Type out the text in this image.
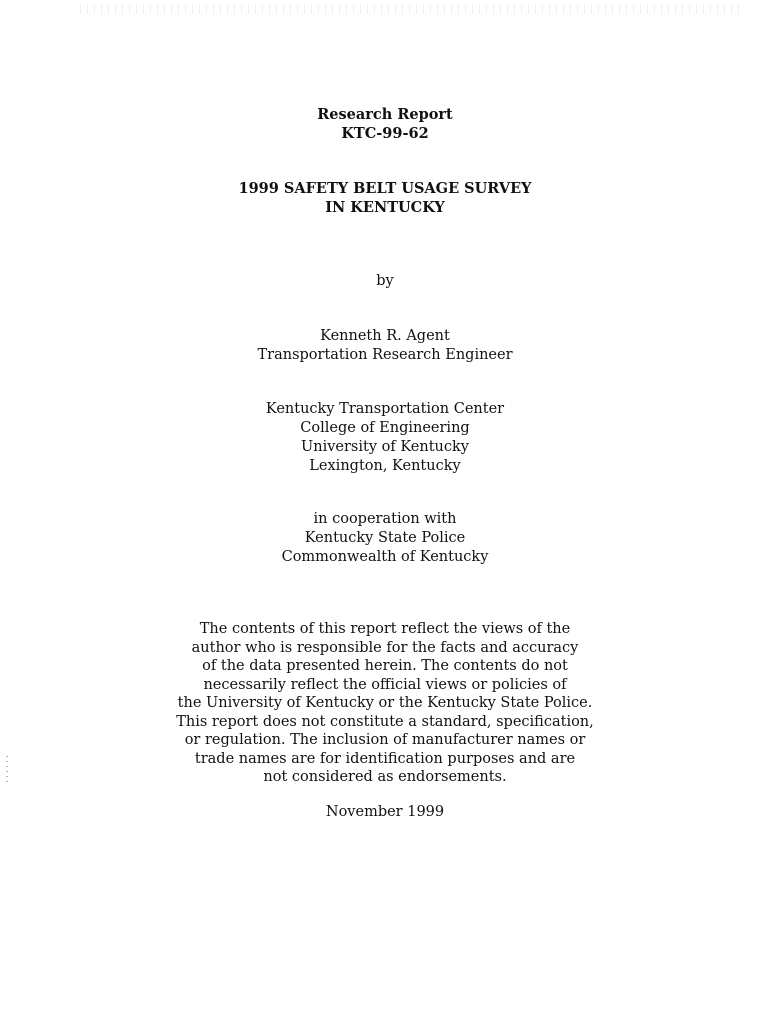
Research Report
KTC-99-62
1999 SAFETY BELT USAGE SURVEY
IN KENTUCKY
by
Kenneth R. Agent
Transportation Research Engineer
Kentucky Transportation Center
College of Engineering
University of Kentucky
Lexington, Kentucky
in cooperation with
Kentucky State Police
Commonwealth of Kentucky
The contents of this report reflect the views of the
author who is responsible for the facts and accuracy
of the data presented herein. The contents do not
necessarily reflect the official views or policies of
the University of Kentucky or the Kentucky State Police.
This report does not constitute a standard, specification,
or regulation. The inclusion of manufacturer names or
trade names are for identification purposes and are
not considered as endorsements.
November 1999
